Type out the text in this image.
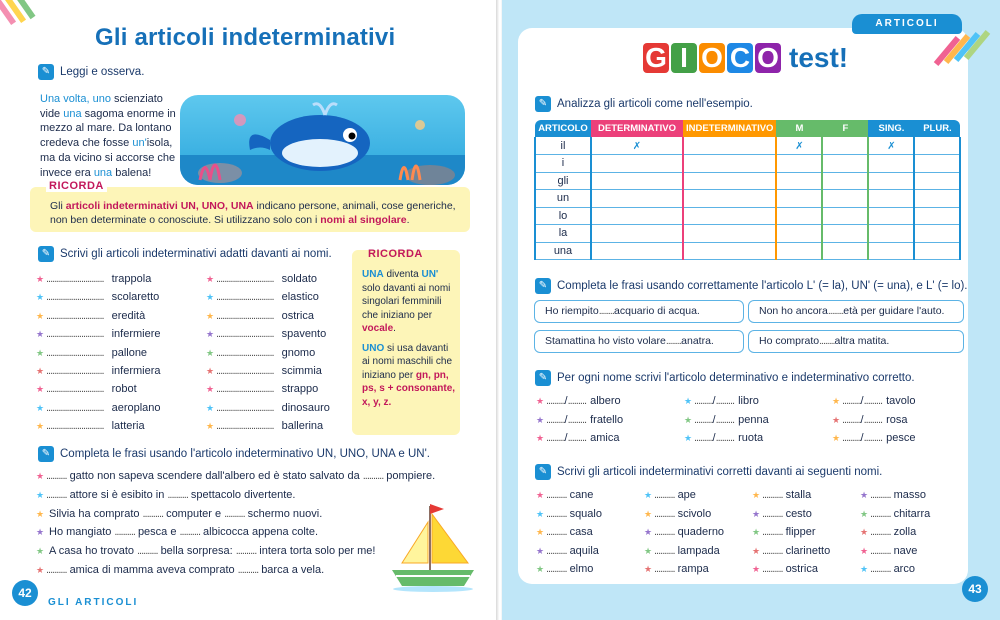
Gli articoli indeterminativi
✎ Leggi e osserva.
Una volta, uno scienziato vide una sagoma enorme in mezzo al mare. Da lontano credeva che fosse un'isola, ma da vicino si accorse che invece era una balena!
RICORDA
Gli articoli indeterminativi UN, UNO, UNA indicano persone, animali, cose generiche, non ben determinate o conosciute. Si utilizzano solo con i nomi al singolare.
✎ Scrivi gli articoli indeterminativi adatti davanti ai nomi.
★ ............................ trappola
★ ............................ scolaretto
★ ............................ eredità
★ ............................ infermiere
★ ............................ pallone
★ ............................ infermiera
★ ............................ robot
★ ............................ aeroplano
★ ............................ latteria
★ ............................ soldato
★ ............................ elastico
★ ............................ ostrica
★ ............................ spavento
★ ............................ gnomo
★ ............................ scimmia
★ ............................ strappo
★ ............................ dinosauro
★ ............................ ballerina
RICORDA
UNA diventa UN' solo davanti ai nomi singolari femminili che iniziano per vocale.
UNO si usa davanti ai nomi maschili che iniziano per gn, pn, ps, s + consonante, x, y, z.
✎ Completa le frasi usando l'articolo indeterminativo UN, UNO, UNA e UN'.
★ .......... gatto non sapeva scendere dall'albero ed è stato salvato da .......... pompiere.
★ .......... attore si è esibito in .......... spettacolo divertente.
★ Silvia ha comprato .......... computer e .......... schermo nuovi.
★ Ho mangiato .......... pesca e .......... albicocca appena colte.
★ A casa ho trovato .......... bella sorpresa: .......... intera torta solo per me!
★ .......... amica di mamma aveva comprato .......... barca a vela.
42
GLI ARTICOLI
ARTICOLI
G I O C O test!
✎ Analizza gli articoli come nell'esempio.
ARTICOLO	DETERMINATIVO	INDETERMINATIVO	M	F	SING.	PLUR.
il	✗		✗		✗	
i						
gli						
un						
lo						
la						
una						
✎ Completa le frasi usando correttamente l'articolo L' (= la), UN' (= una), e L' (= lo).
Ho riempito........acquario di acqua.	Non ho ancora........età per guidare l'auto.
Stamattina ho visto volare........anatra.	Ho comprato........altra matita.
✎ Per ogni nome scrivi l'articolo determinativo e indeterminativo corretto.
★ ........./......... albero	★ ........./......... libro	★ ........./......... tavolo
★ ........./......... fratello	★ ........./......... penna	★ ........./......... rosa
★ ........./......... amica	★ ........./......... ruota	★ ........./......... pesce
✎ Scrivi gli articoli indeterminativi corretti davanti ai seguenti nomi.
★ .......... cane	★ .......... ape	★ .......... stalla	★ .......... masso
★ .......... squalo	★ .......... scivolo	★ .......... cesto	★ .......... chitarra
★ .......... casa	★ .......... quaderno	★ .......... flipper	★ .......... zolla
★ .......... aquila	★ .......... lampada	★ .......... clarinetto	★ .......... nave
★ .......... elmo	★ .......... rampa	★ .......... ostrica	★ .......... arco
43
